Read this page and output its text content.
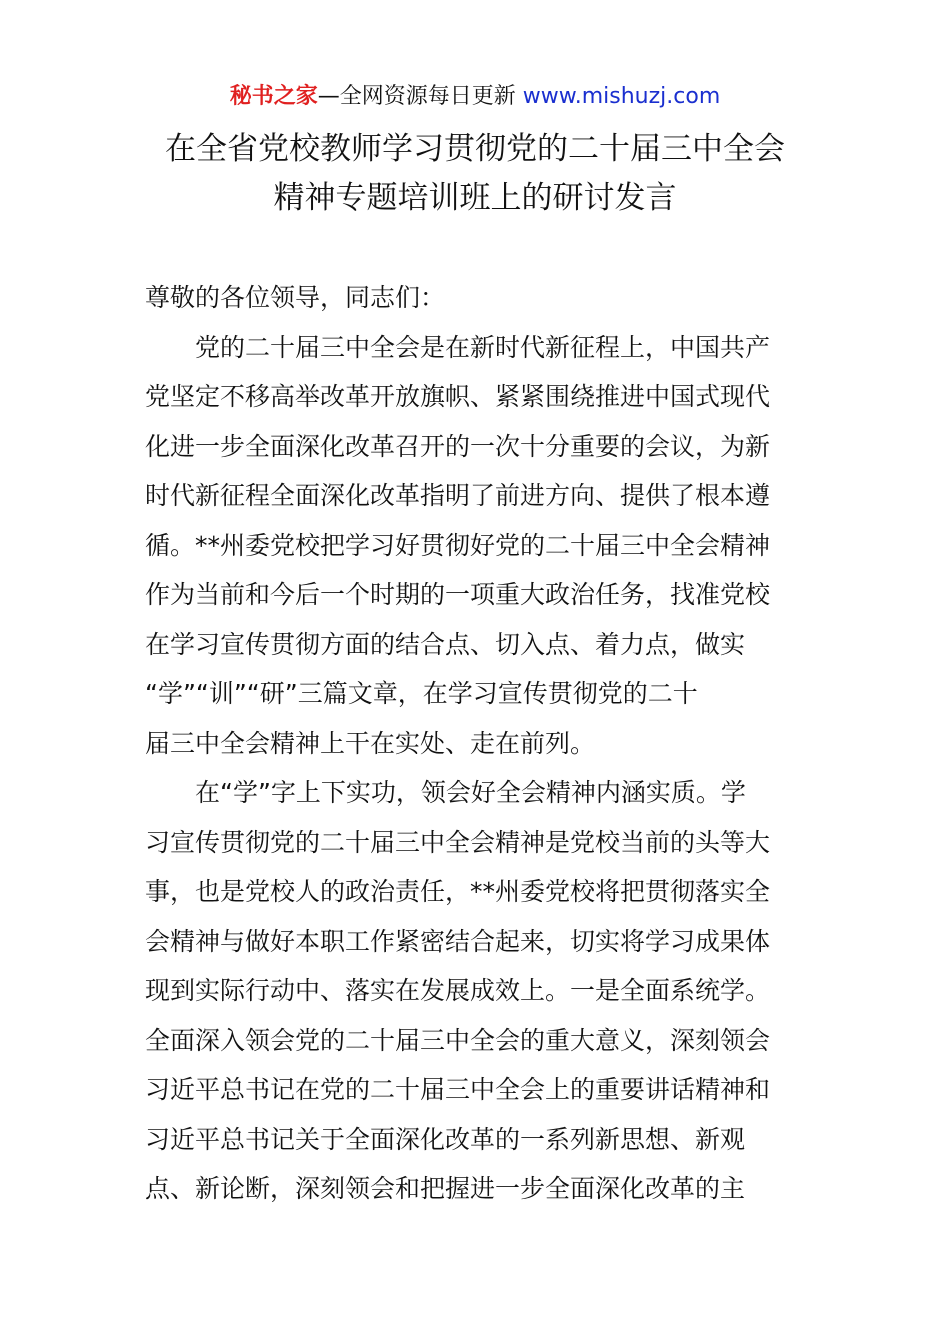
秘书之家—全网资源每日更新 www.mishuzj.com
在全省党校教师学习贯彻党的二十届三中全会
精神专题培训班上的研讨发言
尊敬的各位领导，同志们：
党的二十届三中全会是在新时代新征程上，中国共产
党坚定不移高举改革开放旗帜、紧紧围绕推进中国式现代
化进一步全面深化改革召开的一次十分重要的会议，为新
时代新征程全面深化改革指明了前进方向、提供了根本遵
循。**州委党校把学习好贯彻好党的二十届三中全会精神
作为当前和今后一个时期的一项重大政治任务，找准党校
在学习宣传贯彻方面的结合点、切入点、着力点，做实
“学”“训”“研”三篇文章，在学习宣传贯彻党的二十
届三中全会精神上干在实处、走在前列。
在“学”字上下实功，领会好全会精神内涵实质。学
习宣传贯彻党的二十届三中全会精神是党校当前的头等大
事，也是党校人的政治责任，**州委党校将把贯彻落实全
会精神与做好本职工作紧密结合起来，切实将学习成果体
现到实际行动中、落实在发展成效上。一是全面系统学。
全面深入领会党的二十届三中全会的重大意义，深刻领会
习近平总书记在党的二十届三中全会上的重要讲话精神和
习近平总书记关于全面深化改革的一系列新思想、新观
点、新论断，深刻领会和把握进一步全面深化改革的主
